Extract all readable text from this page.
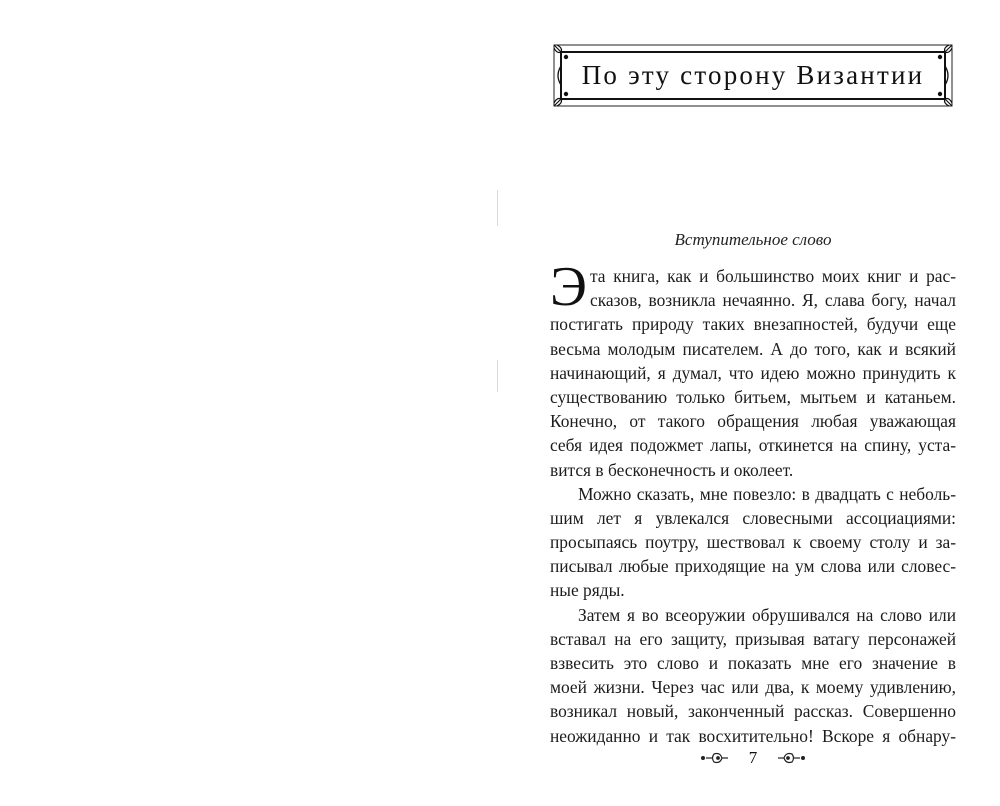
По эту сторону Византии
Вступительное слово
Э та книга, как и большинство моих книг и рас-
сказов, возникла нечаянно. Я, слава богу, начал
постигать природу таких внезапностей, будучи еще
весьма молодым писателем. А до того, как и всякий
начинающий, я думал, что идею можно принудить к
существованию только битьем, мытьем и катаньем.
Конечно, от такого обращения любая уважающая
себя идея подожмет лапы, откинется на спину, уста-
вится в бесконечность и околеет.
Можно сказать, мне повезло: в двадцать с неболь-
шим лет я увлекался словесными ассоциациями:
просыпаясь поутру, шествовал к своему столу и за-
писывал любые приходящие на ум слова или словес-
ные ряды.
Затем я во всеоружии обрушивался на слово или
вставал на его защиту, призывая ватагу персонажей
взвесить это слово и показать мне его значение в
моей жизни. Через час или два, к моему удивлению,
возникал новый, законченный рассказ. Совершенно
неожиданно и так восхитительно! Вскоре я обнару-
7
